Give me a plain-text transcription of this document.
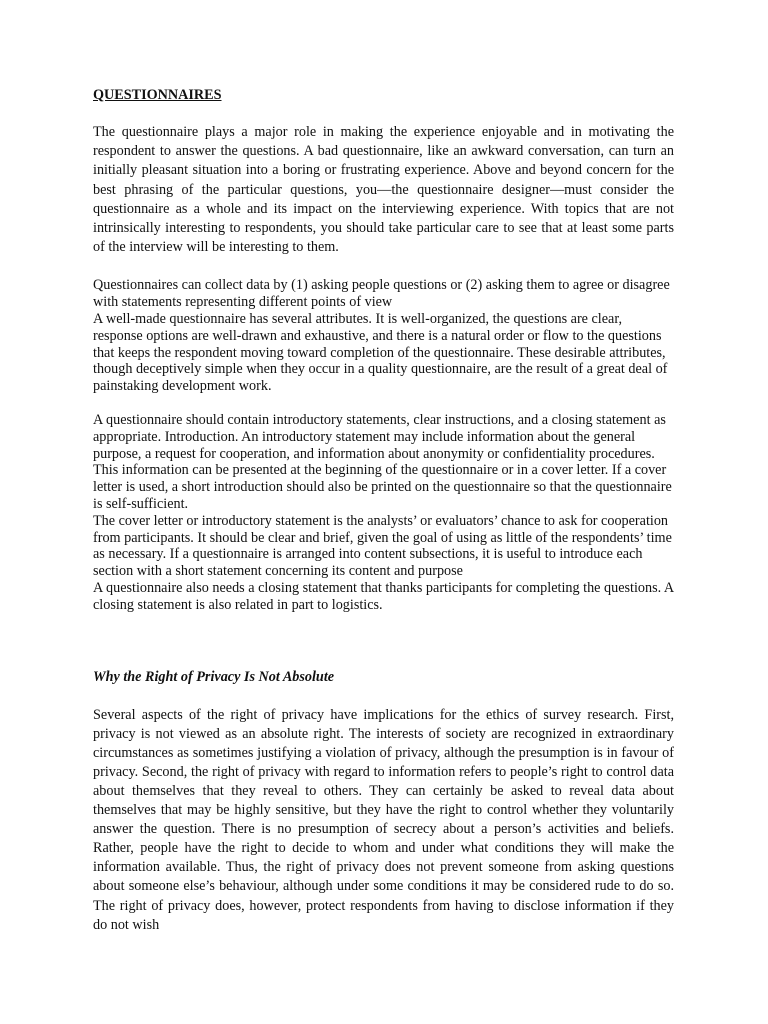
QUESTIONNAIRES

The questionnaire plays a major role in making the experience enjoyable and in motivating the respondent to answer the questions. A bad questionnaire, like an awkward conversation, can turn an initially pleasant situation into a boring or frustrating experience. Above and beyond concern for the best phrasing of the particular questions, you—the questionnaire designer—must consider the questionnaire as a whole and its impact on the interviewing experience. With topics that are not intrinsically interesting to respondents, you should take particular care to see that at least some parts of the interview will be interesting to them.

Questionnaires can collect data by (1) asking people questions or (2) asking them to agree or disagree with statements representing different points of view

A well-made questionnaire has several attributes. It is well-organized, the questions are clear, response options are well-drawn and exhaustive, and there is a natural order or flow to the questions that keeps the respondent moving toward completion of the questionnaire. These desirable attributes, though deceptively simple when they occur in a quality questionnaire, are the result of a great deal of painstaking development work.

A questionnaire should contain introductory statements, clear instructions, and a closing statement as appropriate. Introduction. An introductory statement may include information about the general purpose, a request for cooperation, and information about anonymity or confidentiality procedures. This information can be presented at the beginning of the questionnaire or in a cover letter. If a cover letter is used, a short introduction should also be printed on the questionnaire so that the questionnaire is self-sufficient.

The cover letter or introductory statement is the analysts’ or evaluators’ chance to ask for cooperation from participants. It should be clear and brief, given the goal of using as little of the respondents’ time as necessary. If a questionnaire is arranged into content subsections, it is useful to introduce each section with a short statement concerning its content and purpose

A questionnaire also needs a closing statement that thanks participants for completing the questions. A closing statement is also related in part to logistics.

Why the Right of Privacy Is Not Absolute

Several aspects of the right of privacy have implications for the ethics of survey research. First, privacy is not viewed as an absolute right. The interests of society are recognized in extraordinary circumstances as sometimes justifying a violation of privacy, although the presumption is in favour of privacy. Second, the right of privacy with regard to information refers to people’s right to control data about themselves that they reveal to others. They can certainly be asked to reveal data about themselves that may be highly sensitive, but they have the right to control whether they voluntarily answer the question. There is no presumption of secrecy about a person’s activities and beliefs. Rather, people have the right to decide to whom and under what conditions they will make the information available. Thus, the right of privacy does not prevent someone from asking questions about someone else’s behaviour, although under some conditions it may be considered rude to do so. The right of privacy does, however, protect respondents from having to disclose information if they do not wish
